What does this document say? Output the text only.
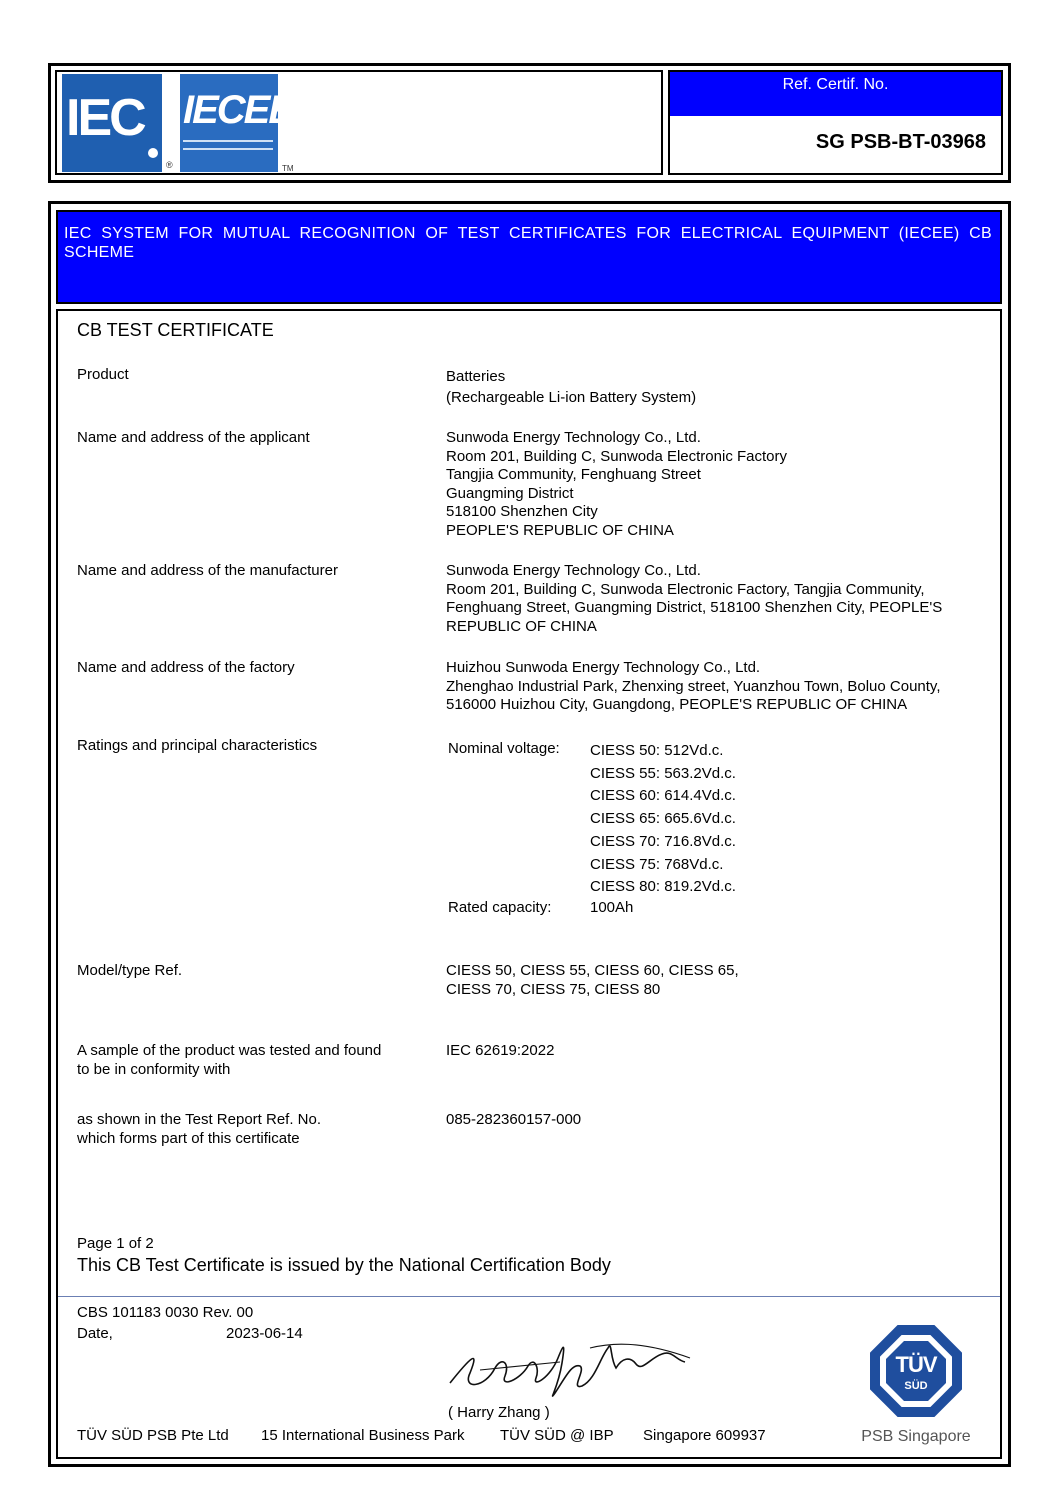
IEC IECEE
®	TM
Ref. Certif. No.
SG PSB-BT-03968
IEC SYSTEM FOR MUTUAL RECOGNITION OF TEST CERTIFICATES FOR ELECTRICAL EQUIPMENT (IECEE) CB SCHEME
CB TEST CERTIFICATE
Product	Batteries
(Rechargeable Li-ion Battery System)
Name and address of the applicant	Sunwoda Energy Technology Co., Ltd.
Room 201, Building C, Sunwoda Electronic Factory
Tangjia Community, Fenghuang Street
Guangming District
518100 Shenzhen City
PEOPLE'S REPUBLIC OF CHINA
Name and address of the manufacturer	Sunwoda Energy Technology Co., Ltd.
Room 201, Building C, Sunwoda Electronic Factory, Tangjia Community,
Fenghuang Street, Guangming District, 518100 Shenzhen City, PEOPLE'S
REPUBLIC OF CHINA
Name and address of the factory	Huizhou Sunwoda Energy Technology Co., Ltd.
Zhenghao Industrial Park, Zhenxing street, Yuanzhou Town, Boluo County,
516000 Huizhou City, Guangdong, PEOPLE'S REPUBLIC OF CHINA
Ratings and principal characteristics	Nominal voltage: CIESS 50: 512Vd.c.
CIESS 55: 563.2Vd.c.
CIESS 60: 614.4Vd.c.
CIESS 65: 665.6Vd.c.
CIESS 70: 716.8Vd.c.
CIESS 75: 768Vd.c.
CIESS 80: 819.2Vd.c.
Rated capacity:	100Ah
Model/type Ref.	CIESS 50, CIESS 55, CIESS 60, CIESS 65,
CIESS 70, CIESS 75, CIESS 80
A sample of the product was tested and found
to be in conformity with
IEC 62619:2022
as shown in the Test Report Ref. No.
which forms part of this certificate
085-282360157-000
Page 1 of 2
This CB Test Certificate is issued by the National Certification Body
CBS 101183 0030 Rev. 00
Date,	2023-06-14
( Harry Zhang )
TÜV SÜD PSB Pte Ltd 15 International Business Park TÜV SÜD @ IBP Singapore 609937
TÜV
SÜD
PSB Singapore
